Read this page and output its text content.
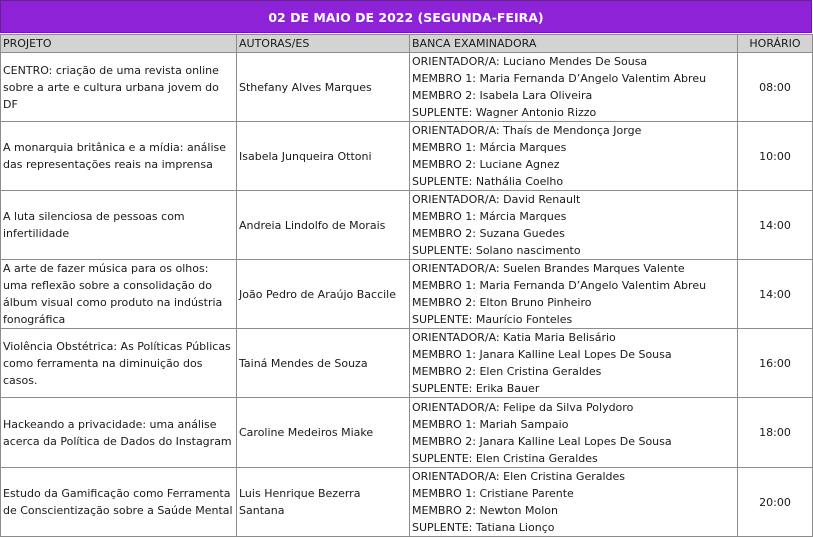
02 DE MAIO DE 2022 (SEGUNDA-FEIRA)
PROJETO	AUTORAS/ES	BANCA EXAMINADORA	HORÁRIO
CENTRO: criação de uma revista online sobre a arte e cultura urbana jovem do DF	Sthefany Alves Marques	ORIENTADOR/A: Luciano Mendes De Sousa
MEMBRO 1: Maria Fernanda D’Angelo Valentim Abreu
MEMBRO 2: Isabela Lara Oliveira
SUPLENTE: Wagner Antonio Rizzo	08:00
A monarquia britânica e a mídia: análise das representações reais na imprensa	Isabela Junqueira Ottoni	ORIENTADOR/A: Thaís de Mendonça Jorge
MEMBRO 1: Márcia Marques
MEMBRO 2: Luciane Agnez
SUPLENTE: Nathália Coelho	10:00
A luta silenciosa de pessoas com infertilidade	Andreia Lindolfo de Morais	ORIENTADOR/A: David Renault
MEMBRO 1: Márcia Marques
MEMBRO 2: Suzana Guedes
SUPLENTE: Solano nascimento	14:00
A arte de fazer música para os olhos: uma reflexão sobre a consolidação do álbum visual como produto na indústria fonográfica	João Pedro de Araújo Baccile	ORIENTADOR/A: Suelen Brandes Marques Valente
MEMBRO 1: Maria Fernanda D’Angelo Valentim Abreu
MEMBRO 2: Elton Bruno Pinheiro
SUPLENTE: Maurício Fonteles	14:00
Violência Obstétrica: As Políticas Públicas como ferramenta na diminuição dos casos.	Tainá Mendes de Souza	ORIENTADOR/A: Katia Maria Belisário
MEMBRO 1: Janara Kalline Leal Lopes De Sousa
MEMBRO 2: Elen Cristina Geraldes
SUPLENTE: Erika Bauer	16:00
Hackeando a privacidade: uma análise acerca da Política de Dados do Instagram	Caroline Medeiros Miake	ORIENTADOR/A: Felipe da Silva Polydoro
MEMBRO 1: Mariah Sampaio
MEMBRO 2: Janara Kalline Leal Lopes De Sousa
SUPLENTE: Elen Cristina Geraldes	18:00
Estudo da Gamificação como Ferramenta de Conscientização sobre a Saúde Mental	Luis Henrique Bezerra Santana	ORIENTADOR/A: Elen Cristina Geraldes
MEMBRO 1: Cristiane Parente
MEMBRO 2: Newton Molon
SUPLENTE: Tatiana Lionço	20:00
